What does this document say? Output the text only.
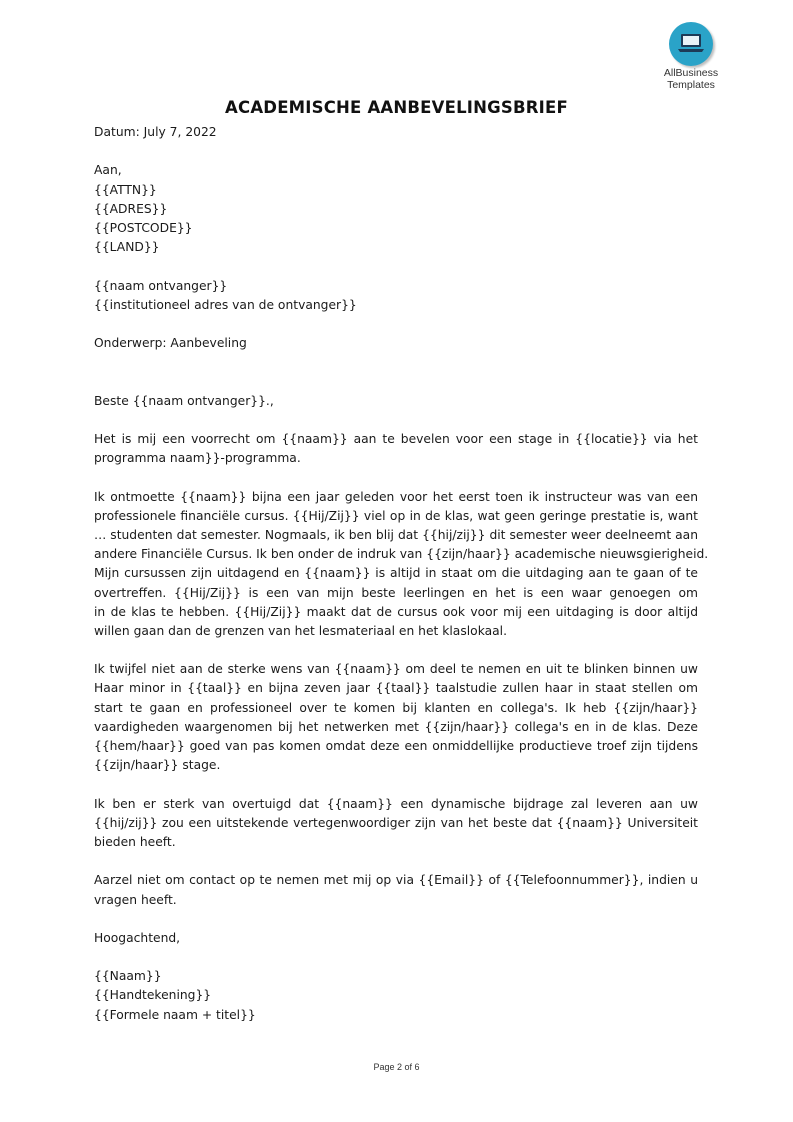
AllBusiness
Templates
ACADEMISCHE AANBEVELINGSBRIEF
Datum: July 7, 2022
Aan,
{{ATTN}}
{{ADRES}}
{{POSTCODE}}
{{LAND}}
{{naam ontvanger}}
{{institutioneel adres van de ontvanger}}
Onderwerp: Aanbeveling
Beste {{naam ontvanger}}.,
Het is mij een voorrecht om {{naam}} aan te bevelen voor een stage in {{locatie}} via het
programma naam}}-programma.
Ik ontmoette {{naam}} bijna een jaar geleden voor het eerst toen ik instructeur was van een
professionele financiële cursus. {{Hij/Zij}} viel op in de klas, wat geen geringe prestatie is, want
… studenten dat semester. Nogmaals, ik ben blij dat {{hij/zij}} dit semester weer deelneemt aan
andere Financiële Cursus. Ik ben onder de indruk van {{zijn/haar}} academische nieuwsgierigheid.
Mijn cursussen zijn uitdagend en {{naam}} is altijd in staat om die uitdaging aan te gaan of te
overtreffen. {{Hij/Zij}} is een van mijn beste leerlingen en het is een waar genoegen om
in de klas te hebben. {{Hij/Zij}} maakt dat de cursus ook voor mij een uitdaging is door altijd
willen gaan dan de grenzen van het lesmateriaal en het klaslokaal.
Ik twijfel niet aan de sterke wens van {{naam}} om deel te nemen en uit te blinken binnen uw
Haar minor in {{taal}} en bijna zeven jaar {{taal}} taalstudie zullen haar in staat stellen om
start te gaan en professioneel over te komen bij klanten en collega's. Ik heb {{zijn/haar}}
vaardigheden waargenomen bij het netwerken met {{zijn/haar}} collega's en in de klas. Deze
{{hem/haar}} goed van pas komen omdat deze een onmiddellijke productieve troef zijn tijdens
{{zijn/haar}} stage.
Ik ben er sterk van overtuigd dat {{naam}} een dynamische bijdrage zal leveren aan uw
{{hij/zij}} zou een uitstekende vertegenwoordiger zijn van het beste dat {{naam}} Universiteit
bieden heeft.
Aarzel niet om contact op te nemen met mij op via {{Email}} of {{Telefoonnummer}}, indien u
vragen heeft.
Hoogachtend,
{{Naam}}
{{Handtekening}}
{{Formele naam + titel}}
Page 2 of 6
